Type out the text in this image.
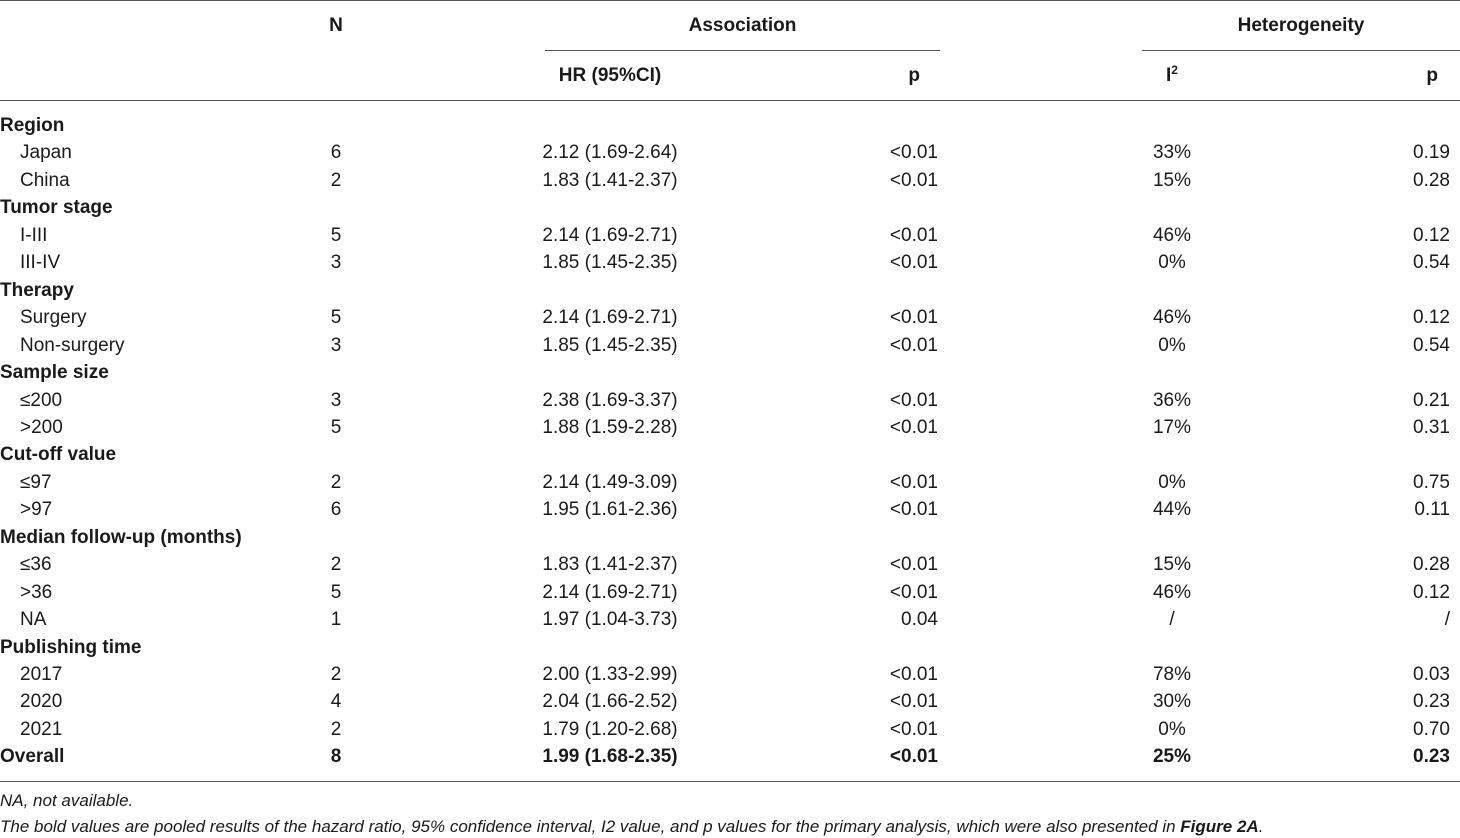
N	Association	Heterogeneity
HR (95%CI)	p	$I^2$	p
Region
Japan	6	2.12 (1.69-2.64)	<0.01	33%	0.19
China	2	1.83 (1.41-2.37)	<0.01	15%	0.28
Tumor stage
I-III	5	2.14 (1.69-2.71)	<0.01	46%	0.12
III-IV	3	1.85 (1.45-2.35)	<0.01	0%	0.54
Therapy
Surgery	5	2.14 (1.69-2.71)	<0.01	46%	0.12
Non-surgery	3	1.85 (1.45-2.35)	<0.01	0%	0.54
Sample size
≤200	3	2.38 (1.69-3.37)	<0.01	36%	0.21
>200	5	1.88 (1.59-2.28)	<0.01	17%	0.31
Cut-off value
≤97	2	2.14 (1.49-3.09)	<0.01	0%	0.75
>97	6	1.95 (1.61-2.36)	<0.01	44%	0.11
Median follow-up (months)
≤36	2	1.83 (1.41-2.37)	<0.01	15%	0.28
>36	5	2.14 (1.69-2.71)	<0.01	46%	0.12
NA	1	1.97 (1.04-3.73)	0.04	/	/
Publishing time
2017	2	2.00 (1.33-2.99)	<0.01	78%	0.03
2020	4	2.04 (1.66-2.52)	<0.01	30%	0.23
2021	2	1.79 (1.20-2.68)	<0.01	0%	0.70
Overall	8	1.99 (1.68-2.35)	<0.01	25%	0.23
NA, not available.
The bold values are pooled results of the hazard ratio, 95% confidence interval, I2 value, and p values for the primary analysis, which were also presented in Figure 2A.
